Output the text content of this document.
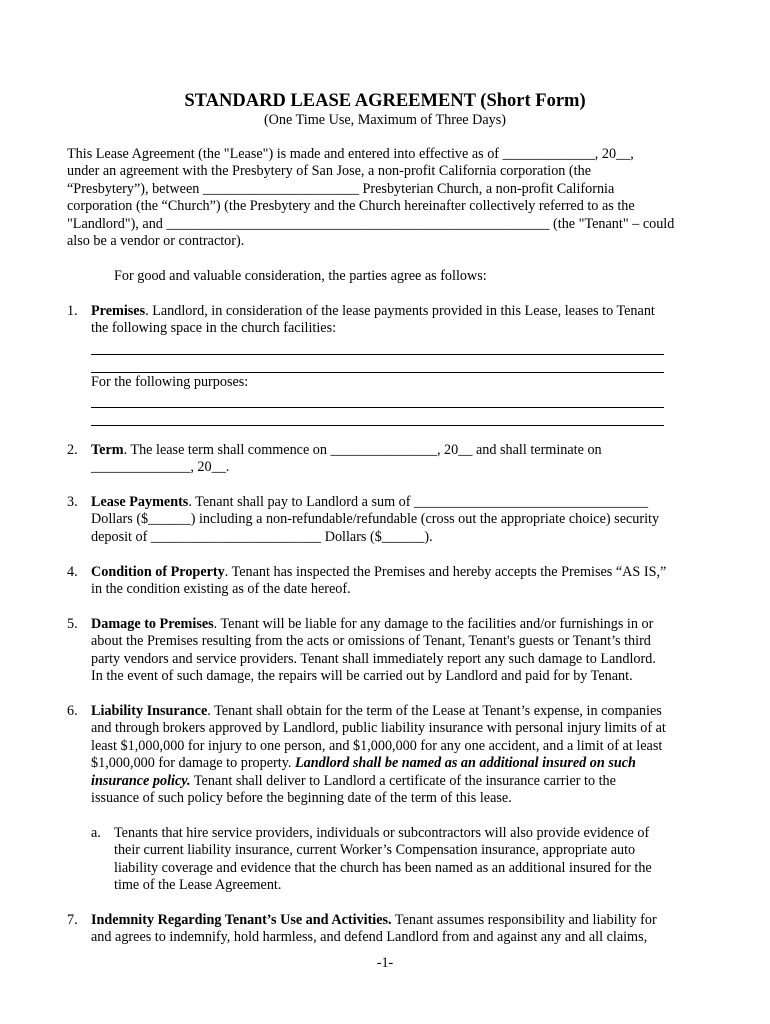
STANDARD LEASE AGREEMENT (Short Form)
(One Time Use, Maximum of Three Days)
This Lease Agreement (the "Lease") is made and entered into effective as of _____________, 20__,
under an agreement with the Presbytery of San Jose, a non-profit California corporation (the
“Presbytery”), between ______________________ Presbyterian Church, a non-profit California
corporation (the “Church”) (the Presbytery and the Church hereinafter collectively referred to as the
"Landlord"), and ______________________________________________________ (the "Tenant" – could
also be a vendor or contractor).
For good and valuable consideration, the parties agree as follows:
1. Premises. Landlord, in consideration of the lease payments provided in this Lease, leases to Tenant
the following space in the church facilities:
For the following purposes:
2. Term. The lease term shall commence on _______________, 20__ and shall terminate on
______________, 20__.
3. Lease Payments. Tenant shall pay to Landlord a sum of _________________________________
Dollars ($______) including a non-refundable/refundable (cross out the appropriate choice) security
deposit of ________________________ Dollars ($______).
4. Condition of Property. Tenant has inspected the Premises and hereby accepts the Premises “AS IS,”
in the condition existing as of the date hereof.
5. Damage to Premises. Tenant will be liable for any damage to the facilities and/or furnishings in or
about the Premises resulting from the acts or omissions of Tenant, Tenant's guests or Tenant’s third
party vendors and service providers. Tenant shall immediately report any such damage to Landlord.
In the event of such damage, the repairs will be carried out by Landlord and paid for by Tenant.
6. Liability Insurance. Tenant shall obtain for the term of the Lease at Tenant’s expense, in companies
and through brokers approved by Landlord, public liability insurance with personal injury limits of at
least $1,000,000 for injury to one person, and $1,000,000 for any one accident, and a limit of at least
$1,000,000 for damage to property. Landlord shall be named as an additional insured on such
insurance policy. Tenant shall deliver to Landlord a certificate of the insurance carrier to the
issuance of such policy before the beginning date of the term of this lease.
a. Tenants that hire service providers, individuals or subcontractors will also provide evidence of
their current liability insurance, current Worker’s Compensation insurance, appropriate auto
liability coverage and evidence that the church has been named as an additional insured for the
time of the Lease Agreement.
7. Indemnity Regarding Tenant’s Use and Activities. Tenant assumes responsibility and liability for
and agrees to indemnify, hold harmless, and defend Landlord from and against any and all claims,
-1-
